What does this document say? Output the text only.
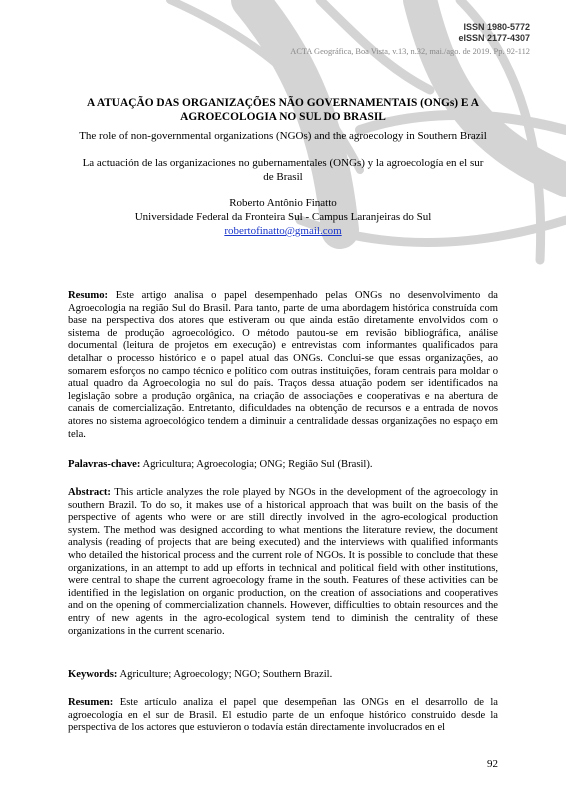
ISSN 1980-5772
eISSN 2177-4307
ACTA Geográfica, Boa Vista, v.13, n.32, mai./ago. de 2019. Pp. 92-112
A ATUAÇÃO DAS ORGANIZAÇÕES NÃO GOVERNAMENTAIS (ONGs) E A AGROECOLOGIA NO SUL DO BRASIL
The role of non-governmental organizations (NGOs) and the agroecology in Southern Brazil
La actuación de las organizaciones no gubernamentales (ONGs) y la agroecología en el sur de Brasil
Roberto Antônio Finatto
Universidade Federal da Fronteira Sul - Campus Laranjeiras do Sul
robertofinatto@gmail.com
Resumo: Este artigo analisa o papel desempenhado pelas ONGs no desenvolvimento da Agroecologia na região Sul do Brasil. Para tanto, parte de uma abordagem histórica construída com base na perspectiva dos atores que estiveram ou que ainda estão diretamente envolvidos com o sistema de produção agroecológico. O método pautou-se em revisão bibliográfica, análise documental (leitura de projetos em execução) e entrevistas com informantes qualificados para detalhar o processo histórico e o papel atual das ONGs. Conclui-se que essas organizações, ao somarem esforços no campo técnico e político com outras instituições, foram centrais para moldar o atual quadro da Agroecologia no sul do país. Traços dessa atuação podem ser identificados na legislação sobre a produção orgânica, na criação de associações e cooperativas e na abertura de canais de comercialização. Entretanto, dificuldades na obtenção de recursos e a entrada de novos atores no sistema agroecológico tendem a diminuir a centralidade dessas organizações no espaço em tela.
Palavras-chave: Agricultura; Agroecologia; ONG; Região Sul (Brasil).
Abstract: This article analyzes the role played by NGOs in the development of the agroecology in southern Brazil. To do so, it makes use of a historical approach that was built on the basis of the perspective of agents who were or are still directly involved in the agro-ecological production system. The method was designed according to what mentions the literature review, the document analysis (reading of projects that are being executed) and the interviews with qualified informants who detailed the historical process and the current role of NGOs. It is possible to conclude that these organizations, in an attempt to add up efforts in technical and political field with other institutions, were central to shape the current agroecology frame in the south. Features of these activities can be identified in the legislation on organic production, on the creation of associations and cooperatives and on the opening of commercialization channels. However, difficulties to obtain resources and the entry of new agents in the agro-ecological system tend to diminish the centrality of these organizations in the current scenario.
Keywords: Agriculture; Agroecology; NGO; Southern Brazil.
Resumen: Este artículo analiza el papel que desempeñan las ONGs en el desarrollo de la agroecología en el sur de Brasil. El estudio parte de un enfoque histórico construido desde la perspectiva de los actores que estuvieron o todavía están directamente involucrados en el
92
